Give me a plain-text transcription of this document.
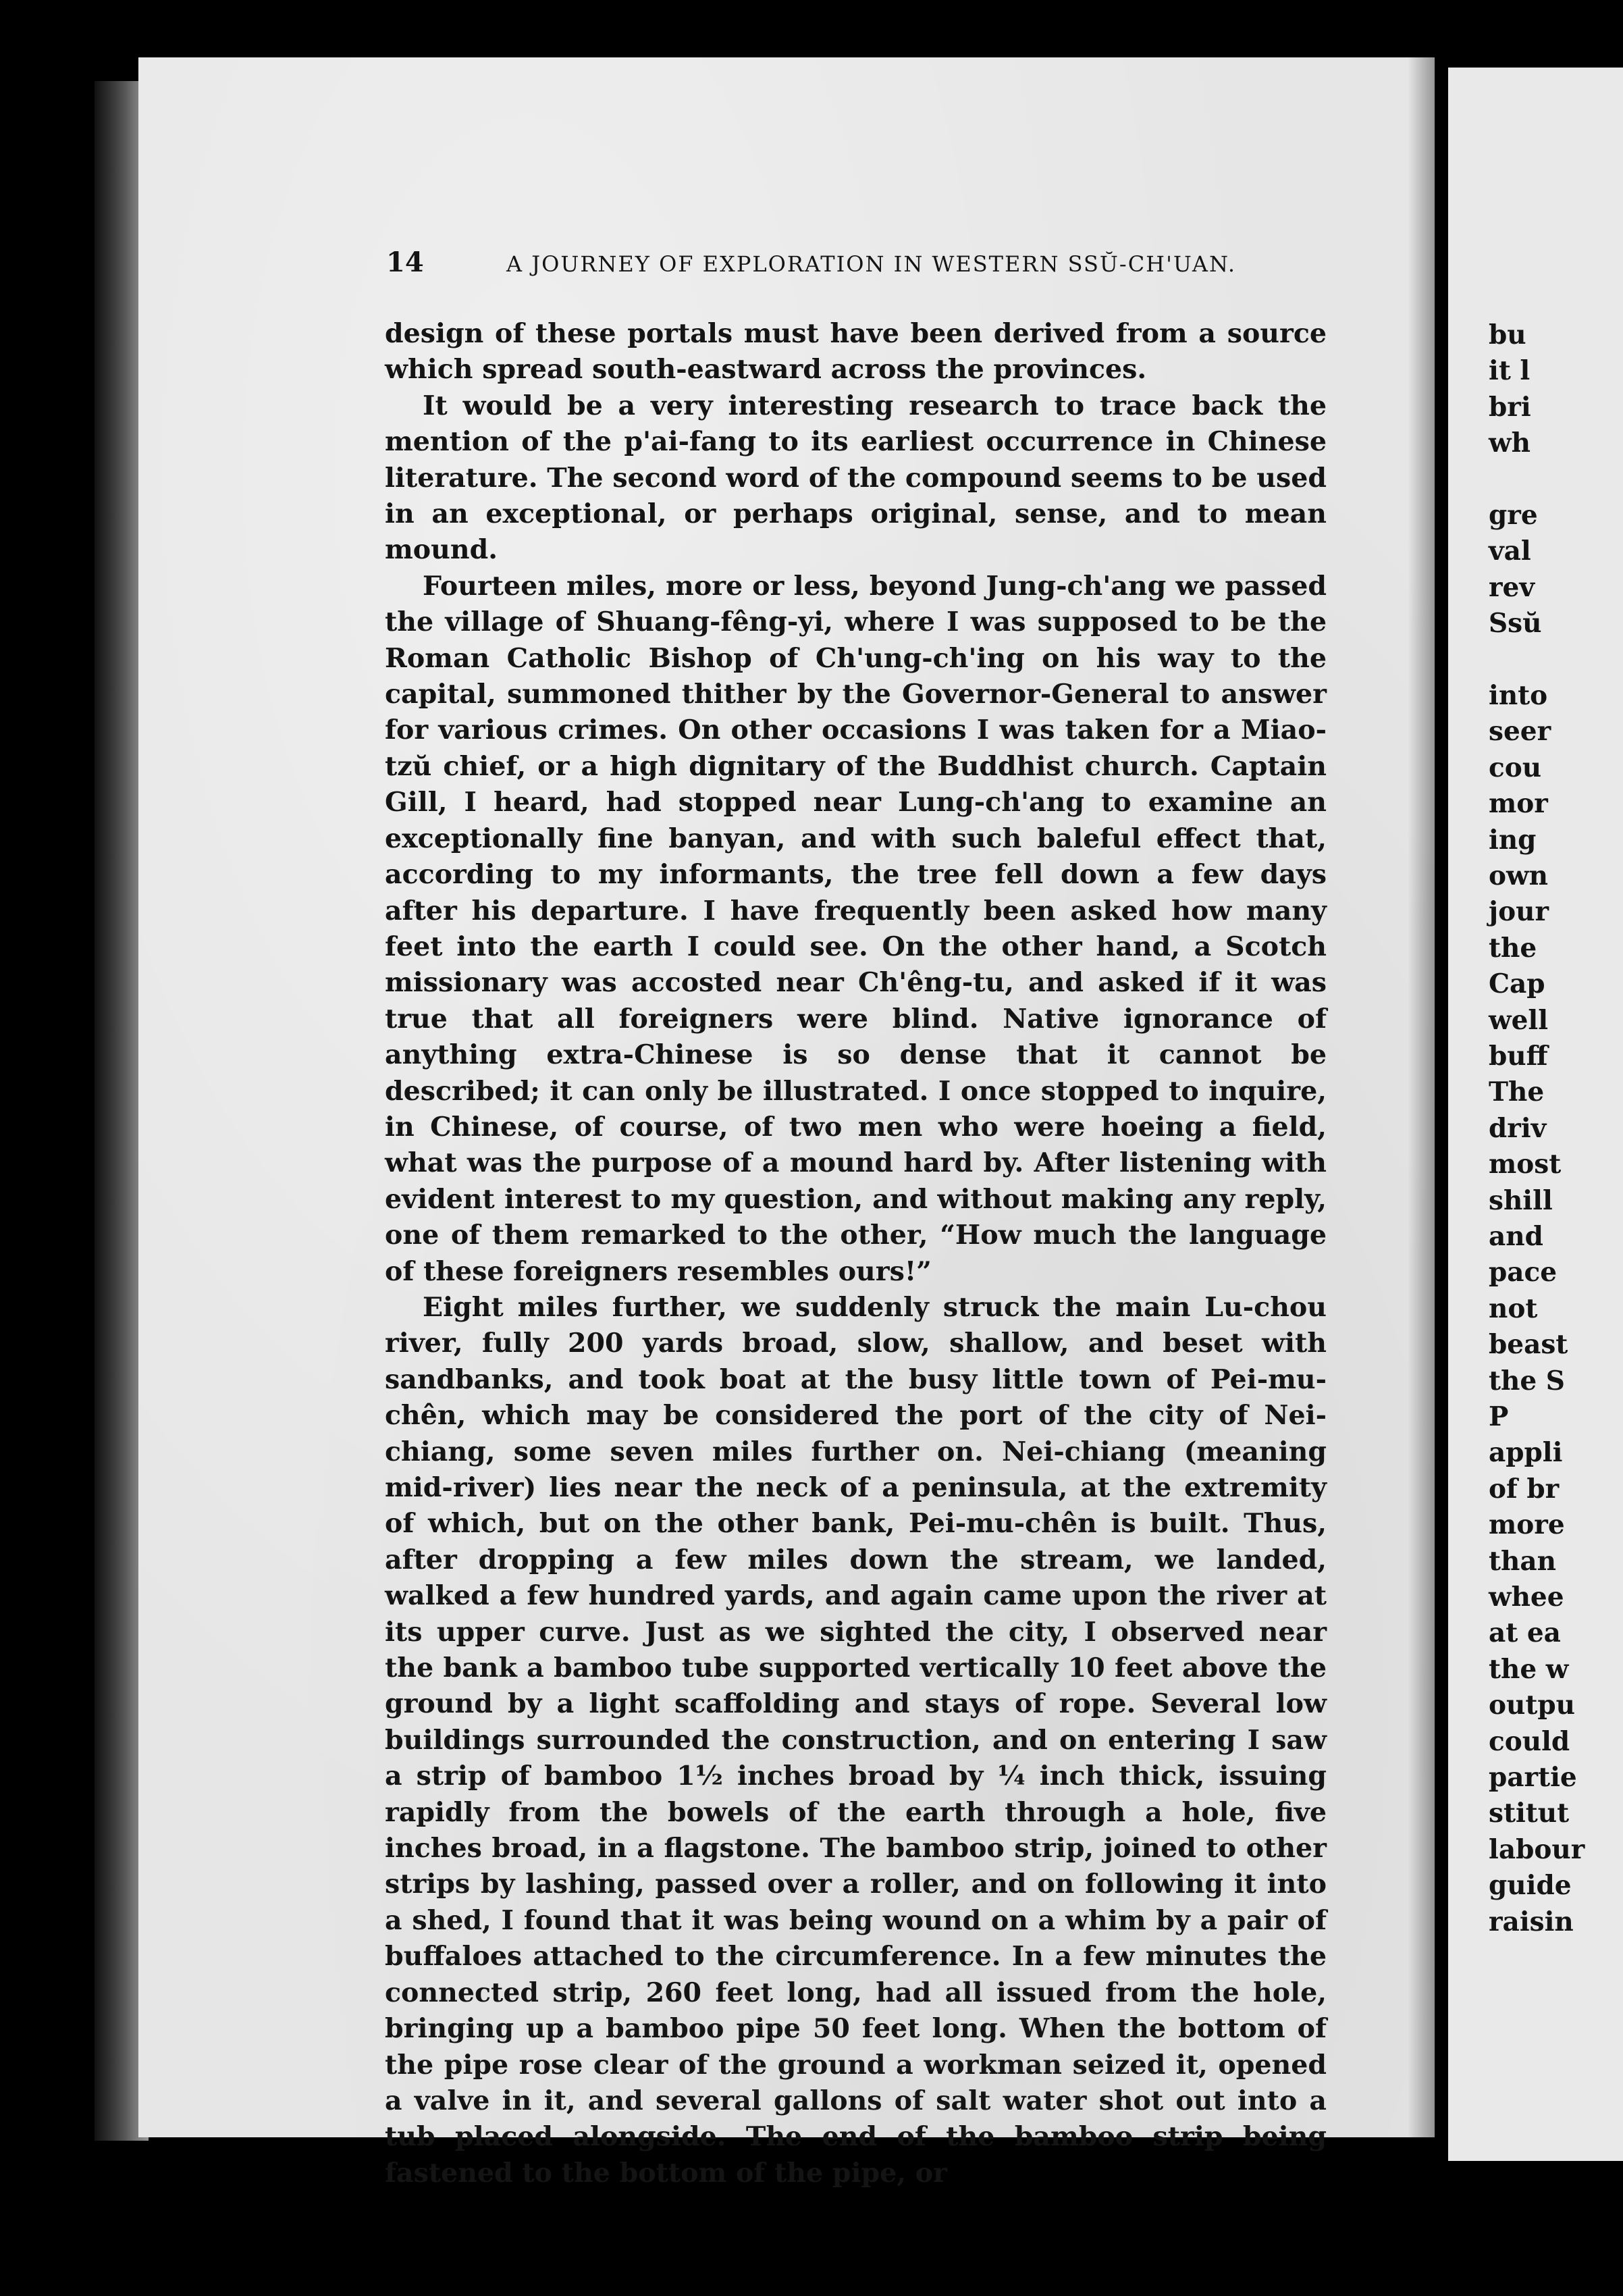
14	A JOURNEY OF EXPLORATION IN WESTERN SSŬ-CH'UAN.

design of these portals must have been derived from a source which spread south-eastward across the provinces.

It would be a very interesting research to trace back the mention of the p'ai-fang to its earliest occurrence in Chinese literature. The second word of the compound seems to be used in an exceptional, or perhaps original, sense, and to mean mound.

Fourteen miles, more or less, beyond Jung-ch'ang we passed the village of Shuang-fêng-yi, where I was supposed to be the Roman Catholic Bishop of Ch'ung-ch'ing on his way to the capital, summoned thither by the Governor-General to answer for various crimes. On other occasions I was taken for a Miao-tzŭ chief, or a high dignitary of the Buddhist church. Captain Gill, I heard, had stopped near Lung-ch'ang to examine an exceptionally fine banyan, and with such baleful effect that, according to my informants, the tree fell down a few days after his departure. I have frequently been asked how many feet into the earth I could see. On the other hand, a Scotch missionary was accosted near Ch'êng-tu, and asked if it was true that all foreigners were blind. Native ignorance of anything extra-Chinese is so dense that it cannot be described; it can only be illustrated. I once stopped to inquire, in Chinese, of course, of two men who were hoeing a field, what was the purpose of a mound hard by. After listening with evident interest to my question, and without making any reply, one of them remarked to the other, “How much the language of these foreigners resembles ours!”

Eight miles further, we suddenly struck the main Lu-chou river, fully 200 yards broad, slow, shallow, and beset with sandbanks, and took boat at the busy little town of Pei-mu-chên, which may be considered the port of the city of Nei-chiang, some seven miles further on. Nei-chiang (meaning mid-river) lies near the neck of a peninsula, at the extremity of which, but on the other bank, Pei-mu-chên is built. Thus, after dropping a few miles down the stream, we landed, walked a few hundred yards, and again came upon the river at its upper curve. Just as we sighted the city, I observed near the bank a bamboo tube supported vertically 10 feet above the ground by a light scaffolding and stays of rope. Several low buildings surrounded the construction, and on entering I saw a strip of bamboo 1½ inches broad by ¼ inch thick, issuing rapidly from the bowels of the earth through a hole, five inches broad, in a flagstone. The bamboo strip, joined to other strips by lashing, passed over a roller, and on following it into a shed, I found that it was being wound on a whim by a pair of buffaloes attached to the circumference. In a few minutes the connected strip, 260 feet long, had all issued from the hole, bringing up a bamboo pipe 50 feet long. When the bottom of the pipe rose clear of the ground a workman seized it, opened a valve in it, and several gallons of salt water shot out into a tub placed alongside. The end of the bamboo strip being fastened to the bottom of the pipe, or

bu
it l
bri
wh
gre
val
rev
Ssŭ
into
seer
cou
mor
ing
own
jour
the
Cap
well
buff
The
driv
most
shill
and
pace
not
beast
the S
P
appli
of br
more
than
whee
at ea
the w
outpu
could
partie
stitut
labour
guide
raisin
